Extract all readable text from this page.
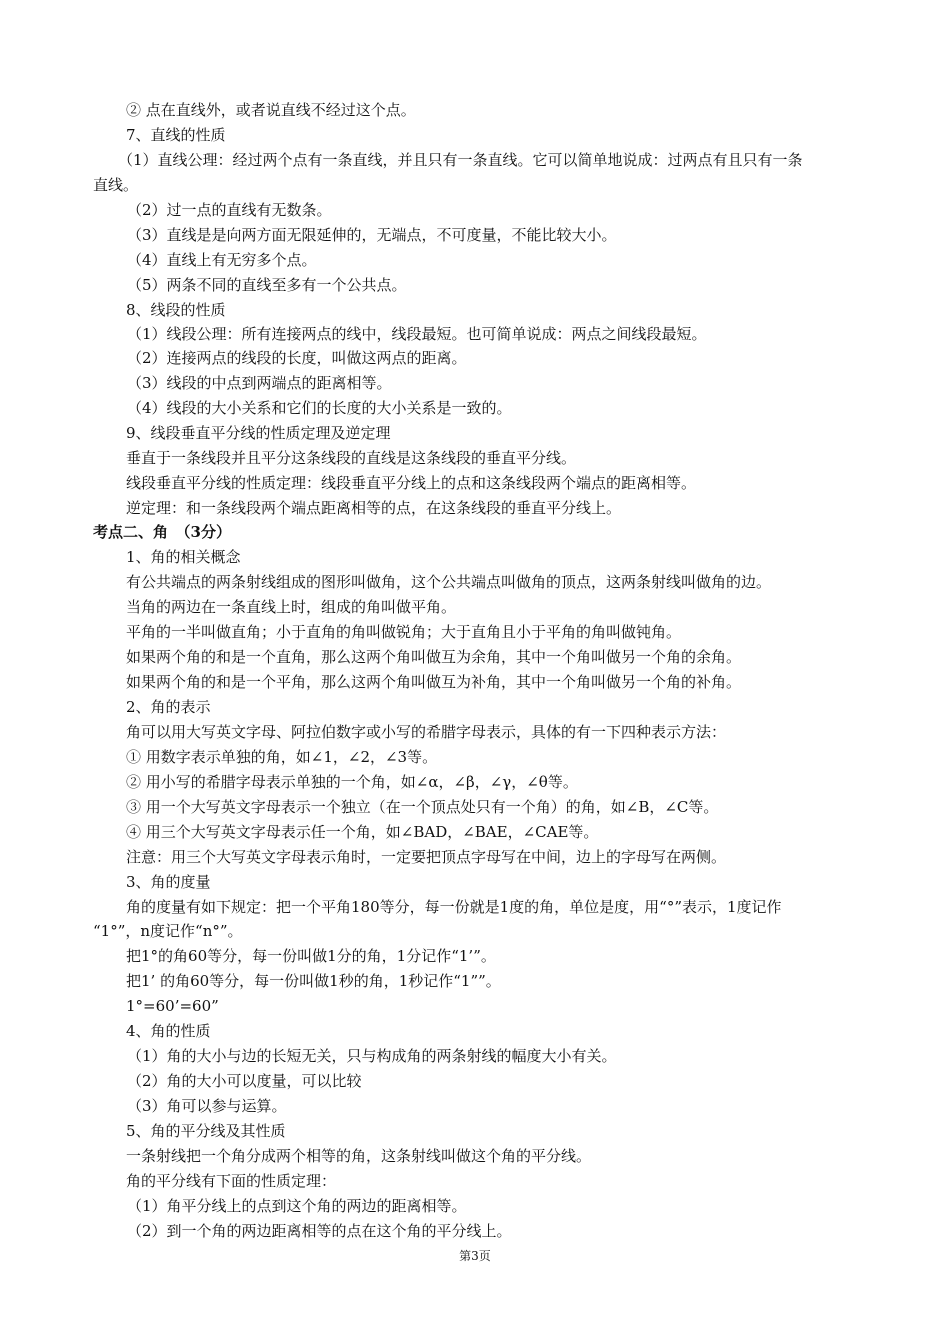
② 点在直线外，或者说直线不经过这个点。
7、直线的性质
（1）直线公理：经过两个点有一条直线，并且只有一条直线。它可以简单地说成：过两点有且只有一条
直线。
（2）过一点的直线有无数条。
（3）直线是是向两方面无限延伸的，无端点，不可度量，不能比较大小。
（4）直线上有无穷多个点。
（5）两条不同的直线至多有一个公共点。
8、线段的性质
（1）线段公理：所有连接两点的线中，线段最短。也可简单说成：两点之间线段最短。
（2）连接两点的线段的长度，叫做这两点的距离。
（3）线段的中点到两端点的距离相等。
（4）线段的大小关系和它们的长度的大小关系是一致的。
9、线段垂直平分线的性质定理及逆定理
垂直于一条线段并且平分这条线段的直线是这条线段的垂直平分线。
线段垂直平分线的性质定理：线段垂直平分线上的点和这条线段两个端点的距离相等。
逆定理：和一条线段两个端点距离相等的点，在这条线段的垂直平分线上。
考点二、角　（3分）
1、角的相关概念
有公共端点的两条射线组成的图形叫做角，这个公共端点叫做角的顶点，这两条射线叫做角的边。
当角的两边在一条直线上时，组成的角叫做平角。
平角的一半叫做直角；小于直角的角叫做锐角；大于直角且小于平角的角叫做钝角。
如果两个角的和是一个直角，那么这两个角叫做互为余角，其中一个角叫做另一个角的余角。
如果两个角的和是一个平角，那么这两个角叫做互为补角，其中一个角叫做另一个角的补角。
2、角的表示
角可以用大写英文字母、阿拉伯数字或小写的希腊字母表示，具体的有一下四种表示方法：
① 用数字表示单独的角，如∠1，∠2，∠3等。
② 用小写的希腊字母表示单独的一个角，如∠α，∠β，∠γ，∠θ等。
③ 用一个大写英文字母表示一个独立（在一个顶点处只有一个角）的角，如∠B，∠C等。
④ 用三个大写英文字母表示任一个角，如∠BAD，∠BAE，∠CAE等。
注意：用三个大写英文字母表示角时，一定要把顶点字母写在中间，边上的字母写在两侧。
3、角的度量
角的度量有如下规定：把一个平角180等分，每一份就是1度的角，单位是度，用“°”表示，1度记作
“1°”，n度记作“n°”。
把1°的角60等分，每一份叫做1分的角，1分记作“1’”。
把1’ 的角60等分，每一份叫做1秒的角，1秒记作“1””。
1°=60’=60”
4、角的性质
（1）角的大小与边的长短无关，只与构成角的两条射线的幅度大小有关。
（2）角的大小可以度量，可以比较
（3）角可以参与运算。
5、角的平分线及其性质
一条射线把一个角分成两个相等的角，这条射线叫做这个角的平分线。
角的平分线有下面的性质定理：
（1）角平分线上的点到这个角的两边的距离相等。
（2）到一个角的两边距离相等的点在这个角的平分线上。
第3页
